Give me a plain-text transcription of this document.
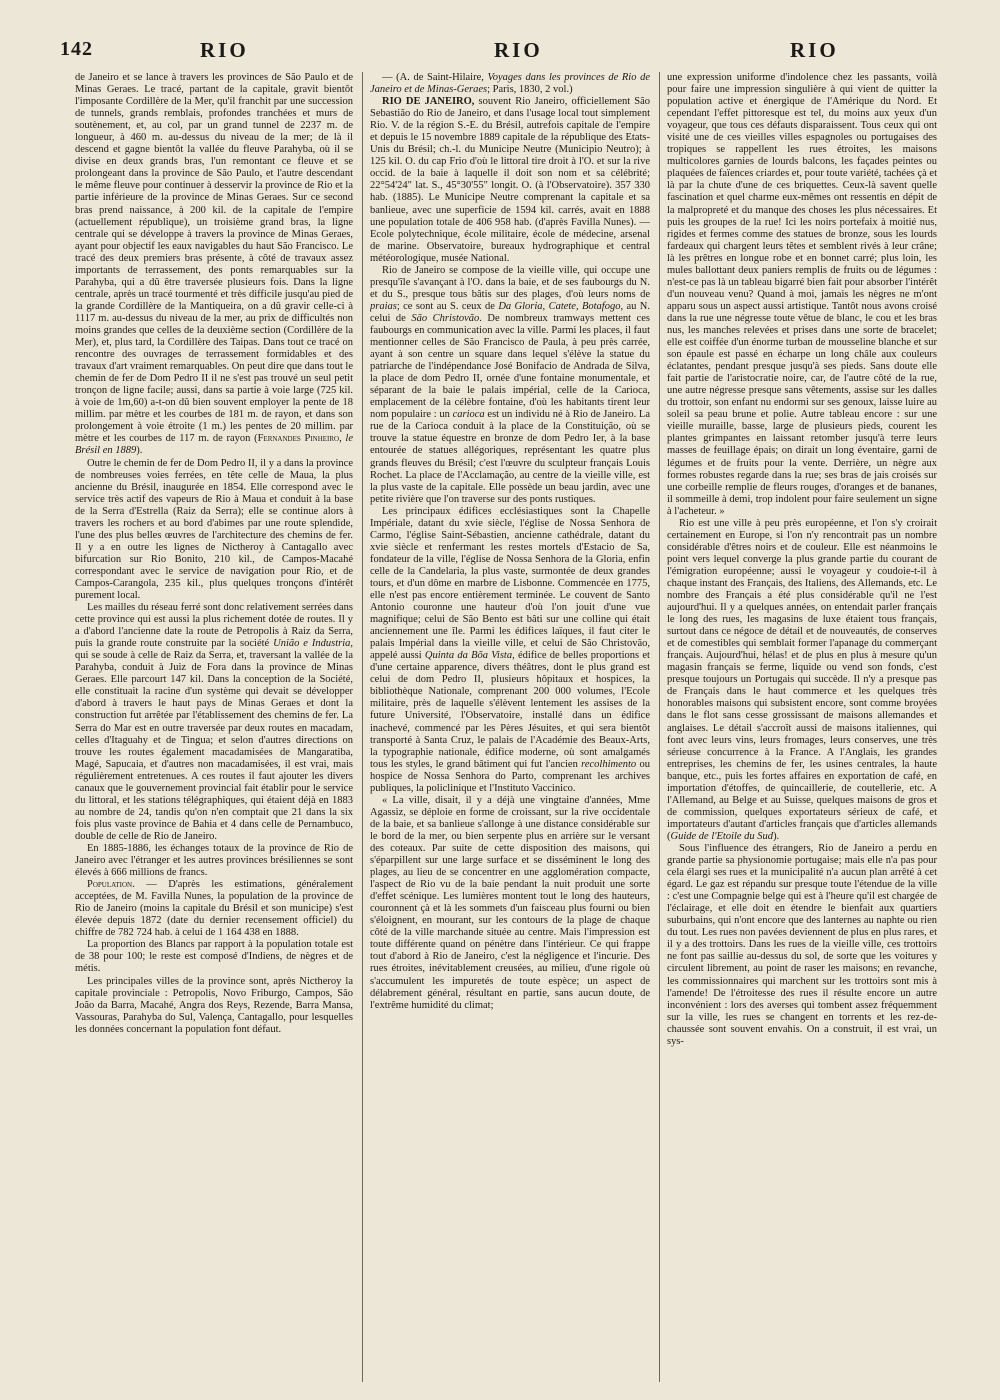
142	RIO	RIO	RIO

de Janeiro et se lance à travers les provinces de São Paulo et de Minas Geraes. Le tracé, partant de la capitale, gravit bientôt l'imposante Cordillère de la Mer, qu'il franchit par une succession de tunnels, grands remblais, profondes tranchées et murs de soutènement, et, au col, par un grand tunnel de 2237 m. de longueur, à 460 m. au-dessus du niveau de la mer; de là il descend et gagne bientôt la vallée du fleuve Parahyba, où il se divise en deux grands bras, l'un remontant ce fleuve et se prolongeant dans la province de São Paulo, et l'autre descendant le même fleuve pour continuer à desservir la province de Rio et la partie inférieure de la province de Minas Geraes. Sur ce second bras prend naissance, à 200 kil. de la capitale de l'empire (actuellement république), un troisième grand bras, la ligne centrale qui se développe à travers la province de Minas Geraes, ayant pour objectif les eaux navigables du haut São Francisco. Le tracé des deux premiers bras présente, à côté de travaux assez importants de terrassement, des ponts remarquables sur la Parahyba, qui a dû être traversée plusieurs fois. Dans la ligne centrale, après un tracé tourmenté et très difficile jusqu'au pied de la grande Cordillère de la Mantiqueira, on a dû gravir celle-ci à 1117 m. au-dessus du niveau de la mer, au prix de difficultés non moins grandes que celles de la deuxième section (Cordillère de la Mer), et, plus tard, la Cordillère des Taipas. Dans tout ce tracé on rencontre des ouvrages de terrassement formidables et des travaux d'art vraiment remarquables. On peut dire que dans tout le chemin de fer de Dom Pedro II il ne s'est pas trouvé un seul petit tronçon de ligne facile; aussi, dans sa partie à voie large (725 kil. à voie de 1m,60) a-t-on dû bien souvent employer la pente de 18 millim. par mètre et les courbes de 181 m. de rayon, et dans son prolongement à voie étroite (1 m.) les pentes de 20 millim. par mètre et les courbes de 117 m. de rayon (Fernandes Pinheiro, le Brésil en 1889).

Outre le chemin de fer de Dom Pedro II, il y a dans la province de nombreuses voies ferrées, en tête celle de Maua, la plus ancienne du Brésil, inaugurée en 1854. Elle correspond avec le service très actif des vapeurs de Rio à Maua et conduit à la base de la Serra d'Estrella (Raiz da Serra); elle se continue alors à travers les rochers et au bord d'abimes par une route splendide, l'une des plus belles œuvres de l'architecture des chemins de fer. Il y a en outre les lignes de Nictheroy à Cantagallo avec bifurcation sur Rio Bonito, 210 kil., de Campos-Macahé correspondant avec le service de navigation pour Rio, et de Campos-Carangola, 235 kil., plus quelques tronçons d'intérêt purement local.

Les mailles du réseau ferré sont donc relativement serrées dans cette province qui est aussi la plus richement dotée de routes. Il y a d'abord l'ancienne date la route de Petropolis à Raiz da Serra, puis la grande route construite par la société União e Industria, qui se soude à celle de Raiz da Serra, et, traversant la vallée de la Parahyba, conduit à Juiz de Fora dans la province de Minas Geraes. Elle parcourt 147 kil. Dans la conception de la Société, elle constituait la racine d'un système qui devait se développer d'abord à travers le haut pays de Minas Geraes et dont la construction fut arrêtée par l'établissement des chemins de fer. La Serra do Mar est en outre traversée par deux routes en macadam, celles d'Itaguahy et de Tingua; et selon d'autres directions on trouve les routes également macadamisées de Mangaratiba, Magé, Sapucaia, et d'autres non macadamisées, il est vrai, mais régulièrement entretenues. A ces routes il faut ajouter les divers canaux que le gouvernement provincial fait établir pour le service du littoral, et les stations télégraphiques, qui étaient déjà en 1883 au nombre de 24, tandis qu'on n'en comptait que 21 dans la six fois plus vaste province de Bahia et 4 dans celle de Pernambuco, double de celle de Rio de Janeiro.

En 1885-1886, les échanges totaux de la province de Rio de Janeiro avec l'étranger et les autres provinces brésiliennes se sont élevés à 666 millions de francs.

Population. — D'après les estimations, généralement acceptées, de M. Favilla Nunes, la population de la province de Rio de Janeiro (moins la capitale du Brésil et son municipe) s'est élevée depuis 1872 (date du dernier recensement officiel) du chiffre de 782 724 hab. à celui de 1 164 438 en 1888.

La proportion des Blancs par rapport à la population totale est de 38 pour 100; le reste est composé d'Indiens, de nègres et de métis.

Les principales villes de la province sont, après Nictheroy la capitale provinciale : Petropolis, Novo Friburgo, Campos, São João da Barra, Macahé, Angra dos Reys, Rezende, Barra Mansa, Vassouras, Parahyba do Sul, Valença, Cantagallo, pour lesquelles les données concernant la population font défaut.

— (A. de Saint-Hilaire, Voyages dans les provinces de Rio de Janeiro et de Minas-Geraes; Paris, 1830, 2 vol.)

RIO DE JANEIRO, souvent Rio Janeiro, officiellement São Sebastião do Rio de Janeiro, et dans l'usage local tout simplement Rio. V. de la région S.-E. du Brésil, autrefois capitale de l'empire et depuis le 15 novembre 1889 capitale de la république des Etats-Unis du Brésil; ch.-l. du Municipe Neutre (Municipio Neutro); à 125 kil. O. du cap Frio d'où le littoral tire droit à l'O. et sur la rive occid. de la baie à laquelle il doit son nom et sa célébrité; 22°54'24" lat. S., 45°30'55" longit. O. (à l'Observatoire). 357 330 hab. (1885). Le Municipe Neutre comprenant la capitale et sa banlieue, avec une superficie de 1594 kil. carrés, avait en 1888 une population totale de 406 958 hab. (d'après Favilla Nunes). — Ecole polytechnique, école militaire, école de médecine, arsenal de marine. Observatoire, bureaux hydrographique et central météorologique, musée National.

Rio de Janeiro se compose de la vieille ville, qui occupe une presqu'île s'avançant à l'O. dans la baie, et de ses faubourgs du N. et du S., presque tous bâtis sur des plages, d'où leurs noms de praias; ce sont au S. ceux de Da Gloria, Catete, Botafogo, au N. celui de São Christovão. De nombreux tramways mettent ces faubourgs en communication avec la ville. Parmi les places, il faut mentionner celles de São Francisco de Paula, à peu près carrée, ayant à son centre un square dans lequel s'élève la statue du patriarche de l'indépendance José Bonifacio de Andrada de Silva, la place de dom Pedro II, ornée d'une fontaine monumentale, et séparant de la baie le palais impérial, celle de la Carioca, emplacement de la célèbre fontaine, d'où les habitants tirent leur nom populaire : un carioca est un individu né à Rio de Janeiro. La rue de la Carioca conduit à la place de la Constituição, où se trouve la statue équestre en bronze de dom Pedro Ier, à la base entourée de statues allégoriques, représentant les quatre plus grands fleuves du Brésil; c'est l'œuvre du sculpteur français Louis Rochet. La place de l'Acclamação, au centre de la vieille ville, est la plus vaste de la capitale. Elle possède un beau jardin, avec une petite rivière que l'on traverse sur des ponts rustiques.

Les principaux édifices ecclésiastiques sont la Chapelle Impériale, datant du xvie siècle, l'église de Nossa Senhora de Carmo, l'église Saint-Sébastien, ancienne cathédrale, datant du xvie siècle et renfermant les restes mortels d'Estacio de Sa, fondateur de la ville, l'église de Nossa Senhora de la Gloria, enfin celle de la Candelaria, la plus vaste, surmontée de deux grandes tours, et d'un dôme en marbre de Lisbonne. Commencée en 1775, elle n'est pas encore entièrement terminée. Le couvent de Santo Antonio couronne une hauteur d'où l'on jouit d'une vue magnifique; celui de São Bento est bâti sur une colline qui était anciennement une île. Parmi les édifices laïques, il faut citer le palais Impérial dans la vieille ville, et celui de São Christovão, appelé aussi Quinta da Bõa Vista, édifice de belles proportions et d'une certaine apparence, divers théâtres, dont le plus grand est celui de dom Pedro II, plusieurs hôpitaux et hospices, la bibliothèque Nationale, comprenant 200 000 volumes, l'Ecole militaire, près de laquelle s'élèvent lentement les assises de la future Université, l'Observatoire, installé dans un édifice inachevé, commencé par les Pères Jésuites, et qui sera bientôt transporté à Santa Cruz, le palais de l'Académie des Beaux-Arts, la typographie nationale, édifice moderne, où sont amalgamés tous les styles, le grand bâtiment qui fut l'ancien recolhimento ou hospice de Nossa Senhora do Parto, comprenant les archives publiques, la policlinique et l'Instituto Vaccinico.

« La ville, disait, il y a déjà une vingtaine d'années, Mme Agassiz, se déploie en forme de croissant, sur la rive occidentale de la baie, et sa banlieue s'allonge à une distance considérable sur le bord de la mer, ou bien serpente plus en arrière sur le versant des coteaux. Par suite de cette disposition des maisons, qui s'éparpillent sur une large surface et se disséminent le long des plages, au lieu de se concentrer en une agglomération compacte, l'aspect de Rio vu de la baie pendant la nuit produit une sorte d'effet scénique. Les lumières montent tout le long des hauteurs, couronnent çà et là les sommets d'un faisceau plus fourni ou bien s'éloignent, en mourant, sur les contours de la plage de chaque côté de la ville marchande située au centre. Mais l'impression est toute différente quand on pénètre dans l'intérieur. Ce qui frappe tout d'abord à Rio de Janeiro, c'est la négligence et l'incurie. Des rues étroites, inévitablement creusées, au milieu, d'une rigole où s'accumulent les impuretés de toute espèce; un aspect de délabrement général, résultant en partie, sans aucun doute, de l'extrême humidité du climat;

une expression uniforme d'indolence chez les passants, voilà pour faire une impression singulière à qui vient de quitter la population active et énergique de l'Amérique du Nord. Et cependant l'effet pittoresque est tel, du moins aux yeux d'un voyageur, que tous ces défauts disparaissent. Tous ceux qui ont visité une de ces vieilles villes espagnoles ou portugaises des tropiques se rappellent les rues étroites, les maisons multicolores garnies de lourds balcons, les façades peintes ou plaquées de faïences criardes et, pour toute variété, tachées çà et là par la chute d'une de ces briquettes. Ceux-là savent quelle fascination et quel charme eux-mêmes ont ressentis en dépit de la malpropreté et du manque des choses les plus nécessaires. Et puis les groupes de la rue! Ici les noirs portefaix à moitié nus, rigides et fermes comme des statues de bronze, sous les lourds fardeaux qui chargent leurs têtes et semblent rivés à leur crâne; là les prêtres en longue robe et en bonnet carré; plus loin, les mules ballottant deux paniers remplis de fruits ou de légumes : n'est-ce pas là un tableau bigarré bien fait pour absorber l'intérêt d'un nouveau venu? Quand à moi, jamais les nègres ne m'ont apparu sous un aspect aussi artistique. Tantôt nous avons croisé dans la rue une négresse toute vêtue de blanc, le cou et les bras nus, les manches relevées et prises dans une sorte de bracelet; elle est coiffée d'un énorme turban de mousseline blanche et sur son épaule est passé en écharpe un long châle aux couleurs éclatantes, pendant presque jusqu'à ses pieds. Sans doute elle fait partie de l'aristocratie noire, car, de l'autre côté de la rue, une autre négresse presque sans vêtements, assise sur les dalles du trottoir, son enfant nu endormi sur ses genoux, laisse luire au soleil sa peau brune et polie. Autre tableau encore : sur une vieille muraille, basse, large de plusieurs pieds, courent les plantes grimpantes en laissant retomber jusqu'à terre leurs masses de feuillage épais; on dirait un long éventaire, garni de légumes et de fruits pour la vente. Derrière, un nègre aux formes robustes regarde dans la rue; ses bras de jais croisés sur une corbeille remplie de fleurs rouges, d'oranges et de bananes, il sommeille à demi, trop indolent pour faire seulement un signe à l'acheteur. »

Rio est une ville à peu près européenne, et l'on s'y croirait certainement en Europe, si l'on n'y rencontrait pas un nombre considérable d'êtres noirs et de couleur. Elle est néanmoins le point vers lequel converge la plus grande partie du courant de l'émigration européenne; aussi le voyageur y coudoie-t-il à chaque instant des Français, des Italiens, des Allemands, etc. Le nombre des Français a été plus considérable qu'il ne l'est aujourd'hui. Il y a quelques années, on entendait parler français le long des rues, les magasins de luxe étaient tous français, surtout dans ce négoce de détail et de nouveautés, de conserves et de comestibles qui semblait former l'apanage du commerçant français. Aujourd'hui, hélas! et de plus en plus à mesure qu'un magasin français se ferme, liquide ou vend son fonds, c'est presque toujours un Portugais qui succède. Il n'y a presque pas de Français dans le haut commerce et les quelques très honorables maisons qui subsistent encore, sont comme broyées dans le flot sans cesse grossissant de maisons allemandes et anglaises. Le détail s'accroît aussi de maisons italiennes, qui font avec leurs vins, leurs fromages, leurs conserves, une très sérieuse concurrence à la France. A l'Anglais, les grandes entreprises, les chemins de fer, les usines centrales, la haute banque, etc., puis les fortes affaires en exportation de café, en importation d'étoffes, de quincaillerie, de coutellerie, etc. A l'Allemand, au Belge et au Suisse, quelques maisons de gros et de commission, quelques exportateurs sérieux de café, et importateurs d'autant d'articles français que d'articles allemands (Guide de l'Etoile du Sud).

Sous l'influence des étrangers, Rio de Janeiro a perdu en grande partie sa physionomie portugaise; mais elle n'a pas pour cela élargi ses rues et la municipalité n'a aucun plan arrêté à cet égard. Le gaz est répandu sur presque toute l'étendue de la ville : c'est une Compagnie belge qui est à l'heure qu'il est chargée de l'éclairage, et elle doit en étendre le bienfait aux quartiers suburbains, qui n'ont encore que des lanternes au naphte ou rien du tout. Les rues non pavées deviennent de plus en plus rares, et il y a des trottoirs. Dans les rues de la vieille ville, ces trottoirs ne font pas saillie au-dessus du sol, de sorte que les voitures y circulent librement, au point de raser les maisons; en revanche, les commissionnaires qui marchent sur les trottoirs sont mis à l'amende! De l'étroitesse des rues il résulte encore un autre inconvénient : lors des averses qui tombent assez fréquemment sur la ville, les rues se changent en torrents et les rez-de-chaussée sont souvent envahis. On a construit, il est vrai, un sys-
